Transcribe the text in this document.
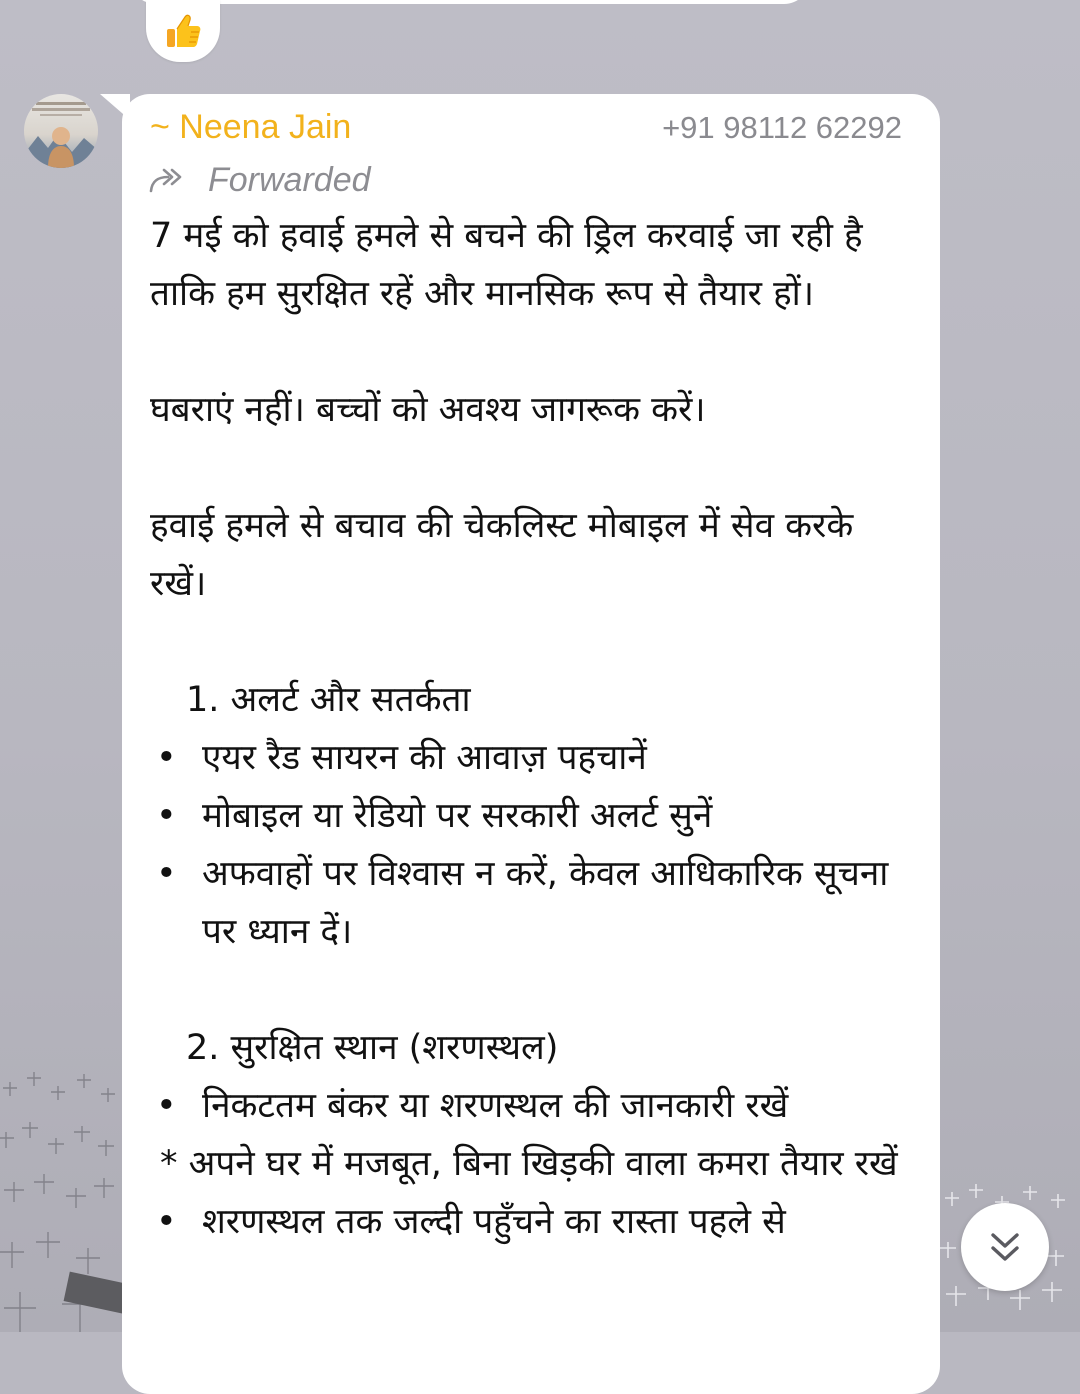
~ Neena Jain	+91 98112 62292
Forwarded

7 मई को हवाई हमले से बचने की ड्रिल करवाई जा रही है ताकि हम सुरक्षित रहें और मानसिक रूप से तैयार हों।

घबराएं नहीं। बच्चों को अवश्य जागरूक करें।

हवाई हमले से बचाव की चेकलिस्ट मोबाइल में सेव करके रखें।

1. अलर्ट और सतर्कता
• एयर रैड सायरन की आवाज़ पहचानें
• मोबाइल या रेडियो पर सरकारी अलर्ट सुनें
• अफवाहों पर विश्वास न करें, केवल आधिकारिक सूचना पर ध्यान दें।
2. सुरक्षित स्थान (शरणस्थल)
• निकटतम बंकर या शरणस्थल की जानकारी रखें
* अपने घर में मजबूत, बिना खिड़की वाला कमरा तैयार रखें
• शरणस्थल तक जल्दी पहुँचने का रास्ता पहले से
